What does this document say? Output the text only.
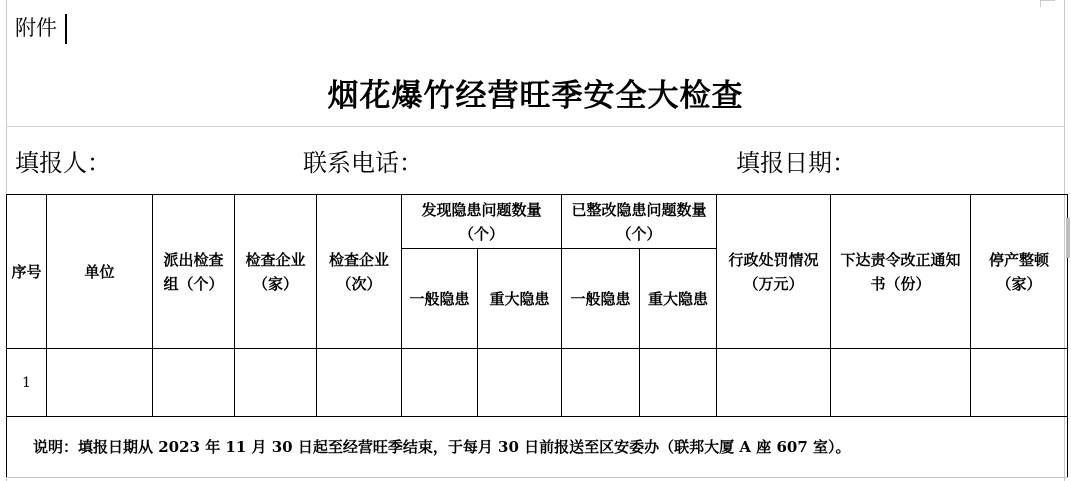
附件
烟花爆竹经营旺季安全大检查
填报人：	联系电话：	填报日期：
序号	单位	派出检查组（个）	检查企业（家）	检查企业（次）	发现隐患问题数量（个）		已整改隐患问题数量（个）		行政处罚情况（万元）	下达责令改正通知书（份）	停产整顿（家）
					一般隐患	重大隐患	一般隐患	重大隐患			
1											
说明：填报日期从 2023 年 11 月 30 日起至经营旺季结束，于每月 30 日前报送至区安委办（联邦大厦 A 座 607 室）。											
